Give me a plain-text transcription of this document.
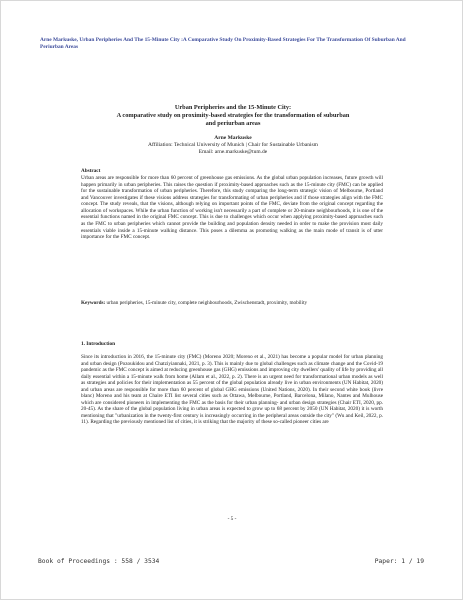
Arne Markuske, Urban Peripheries And The 15-Minute City :A Comparative Study On Proximity-Based Strategies For The Transformation Of Suburban And Periurban Areas
Urban Peripheries and the 15-Minute City:
A comparative study on proximity-based strategies for the transformation of suburban
and periurban areas
Arne Markuske
Affiliation: Technical University of Munich | Chair for Sustainable Urbanism
Email: arne.markuske@tum.de
Abstract
Urban areas are responsible for more than 60 percent of greenhouse gas emissions. As the global urban population increases, future growth will happen primarily in urban peripheries. This raises the question if proximity-based approaches such as the 15-minute city (FMC) can be applied for the sustainable transformation of urban peripheries. Therefore, this study comparing the long-term strategic vision of Melbourne, Portland and Vancouver investigates if these visions address strategies for transformating of urban peripheries and if those strategies align with the FMC concept. The study reveals, that the visions, although relying on important points of the FMC, deviate from the original concept regarding the allocation of workspaces. While the urban function of working isn't necessarily a part of complete or 20-minute neighbourhoods, it is one of the essential functions named in the original FMC concept. This is due to challenges which occur when applying proximity-based approaches such as the FMC to urban peripheries which cannot provide the building and population density needed in order to make the provision most daily essentials viable inside a 15-minute walking distance. This poses a dilemma as promoting walking as the main mode of transit is of utter importance for the FMC concept.
Keywords: urban peripheries, 15-minute city, complete neighbourhoods, Zwischenstadt, proximity, mobility
1. Introduction
Since its introduction in 2016, the 15-minute city (FMC) (Moreno 2020; Moreno et al., 2021) has become a popular model for urban planning and urban design (Pozoukidou and Chatziyiannaki, 2021, p. 3). This is mainly due to global challenges such as climate change and the Covid-19 pandemic as the FMC concept is aimed at reducing greenhouse gas (GHG) emissions and improving city dwellers' quality of life by providing all daily essential within a 15-minute walk from home (Allam et al., 2022, p. 2). There is an urgent need for transformational urban models as well as strategies and policies for their implementation as 55 percent of the global population already live in urban environments (UN Habitat, 2020) and urban areas are responsible for more than 60 percent of global GHG emissions (United Nations, 2020). In their second white book (livre blanc) Moreno and his team at Chaire ETI list several cities such as Ottawa, Melbourne, Portland, Barcelona, Milano, Nantes and Mulhouse which are considered pioneers in implementing the FMC as the basis for their urban planning- and urban design strategies (Chair ETI, 2020, pp. 20-45). As the share of the global population living in urban areas is expected to grow up to 68 percent by 2050 (UN Habitat, 2020) it is worth mentioning that "urbanization in the twenty-first century is increasingly occurring in the peripheral areas outside the city" (Wu and Keil, 2022, p. 11). Regarding the previously mentioned list of cities, it is striking that the majority of these so-called pioneer cities are
- 5 -
Book of Proceedings : 558 / 3534	Paper: 1 / 19
